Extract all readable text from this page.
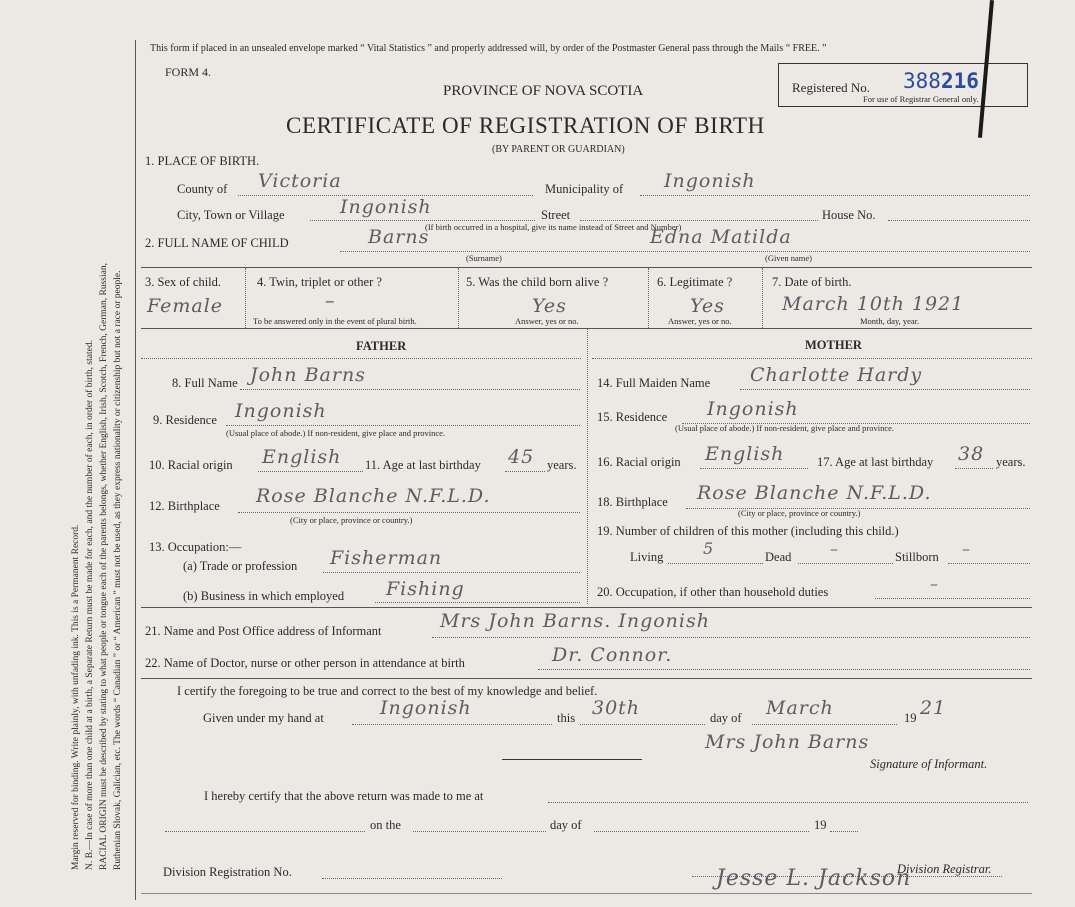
Margin reserved for binding. Write plainly, with unfading ink. This is a Permanent Record. N. B.—In case of more than one child at a birth, a Separate Return must be made for each, and the number of each, in order of birth, stated. RACIAL ORIGIN must be described by stating to what people or tongue each of the parents belongs, whether English, Irish, Scotch, French, German, Russian, Ruthenian Slovak, Galician, etc. The words “ Canadian ” or “ American ” must not be used, as they express nationality or citizenship but not a race or people.
This form if placed in an unsealed envelope marked “ Vital Statistics ” and properly addressed will, by order of the Postmaster General pass through the Mails “ FREE. ”
FORM 4.
PROVINCE OF NOVA SCOTIA
CERTIFICATE OF REGISTRATION OF BIRTH
(BY PARENT OR GUARDIAN)
Registered No. 388 216
For use of Registrar General only.
1. PLACE OF BIRTH.
County of Victoria	Municipality of Ingonish
City, Town or Village	Ingonish	Street	House No.
(If birth occurred in a hospital, give its name instead of Street and Number)
2. FULL NAME OF CHILD	Barns
(Surname)
Edna Matilda
(Given name)
3. Sex of child.
Female
4. Twin, triplet or other ?
–
To be answered only in the event of plural birth.
5. Was the child born alive ?
Yes
Answer, yes or no.
6. Legitimate ?
Yes
Answer, yes or no.
7. Date of birth.
March 10th 1921
Month, day, year.
FATHER	MOTHER
8. Full Name John Barns
9. Residence Ingonish
(Usual place of abode.) If non-resident, give place and province.
10. Racial origin English 11. Age at last birthday 45 years.
12. Birthplace Rose Blanche N.F.L.D.
(City or place, province or country.)
13. Occupation:—
(a) Trade or profession Fisherman
(b) Business in which employed Fishing
14. Full Maiden Name Charlotte Hardy
15. Residence Ingonish
(Usual place of abode.) If non-resident, give place and province.
16. Racial origin English	17. Age at last birthday 38 years.
18. Birthplace Rose Blanche N.F.L.D.
(City or place, province or country.)
19. Number of children of this mother (including this child.)
Living 5	Dead –	Stillborn –
20. Occupation, if other than household duties	–
21. Name and Post Office address of Informant	Mrs John Barns. Ingonish
22. Name of Doctor, nurse or other person in attendance at birth	Dr. Connor.
I certify the foregoing to be true and correct to the best of my knowledge and belief.
Given under my hand at	Ingonish	this 30th	day of March	19 21
Mrs John Barns
Signature of Informant.
I hereby certify that the above return was made to me at
on the	day of	19
Division Registration No.	Division Registrar.
Jesse L. Jackson
